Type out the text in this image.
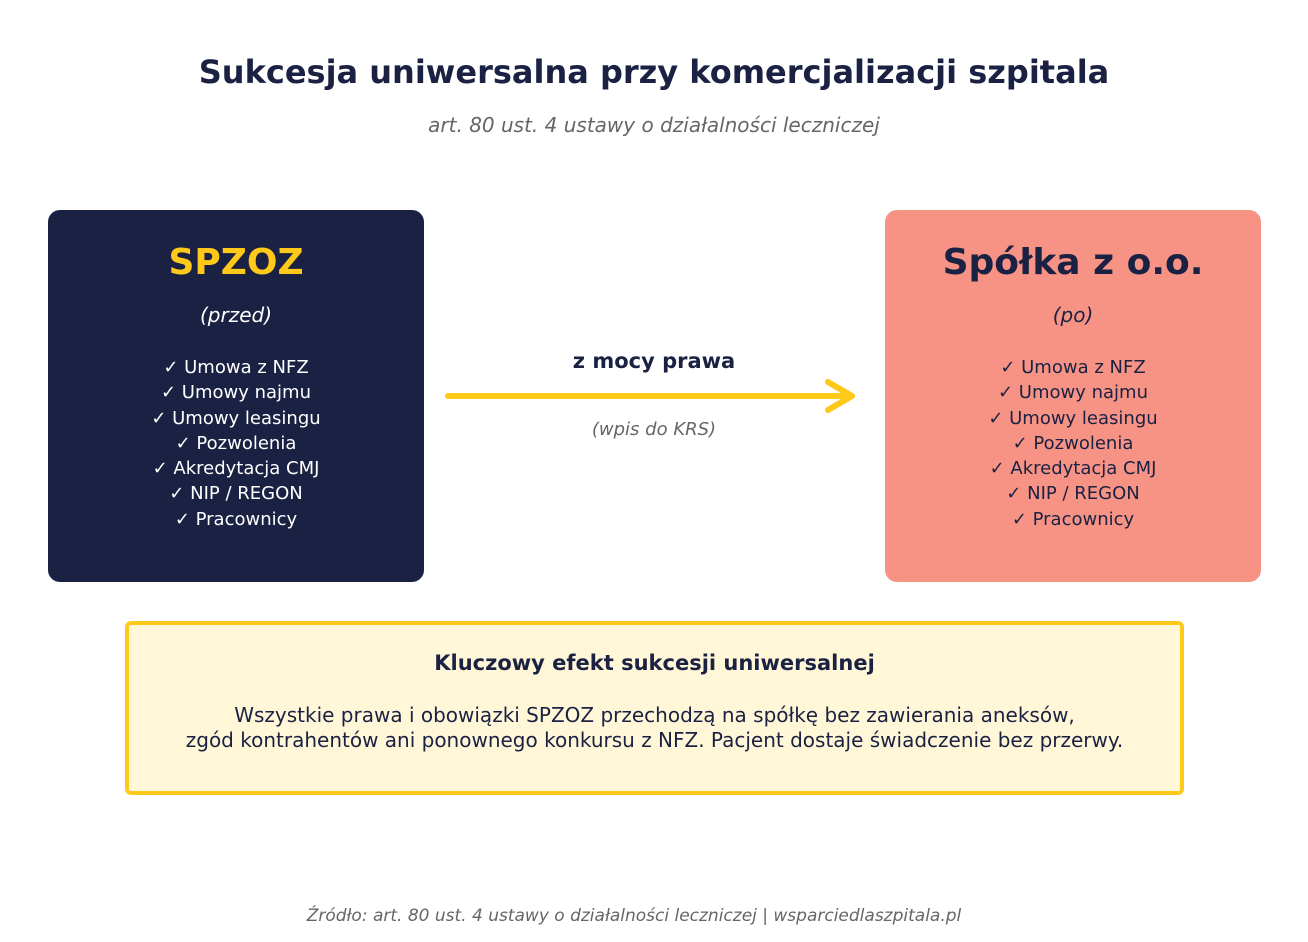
Sukcesja uniwersalna przy komercjalizacji szpitala
art. 80 ust. 4 ustawy o działalności leczniczej
SPZOZ
(przed)
✓ Umowa z NFZ
✓ Umowy najmu
✓ Umowy leasingu
✓ Pozwolenia
✓ Akredytacja CMJ
✓ NIP / REGON
✓ Pracownicy
z mocy prawa
(wpis do KRS)
Spółka z o.o.
(po)
✓ Umowa z NFZ
✓ Umowy najmu
✓ Umowy leasingu
✓ Pozwolenia
✓ Akredytacja CMJ
✓ NIP / REGON
✓ Pracownicy
Kluczowy efekt sukcesji uniwersalnej
Wszystkie prawa i obowiązki SPZOZ przechodzą na spółkę bez zawierania aneksów,
zgód kontrahentów ani ponownego konkursu z NFZ. Pacjent dostaje świadczenie bez przerwy.
Źródło: art. 80 ust. 4 ustawy o działalności leczniczej | wsparciedlaszpitala.pl
